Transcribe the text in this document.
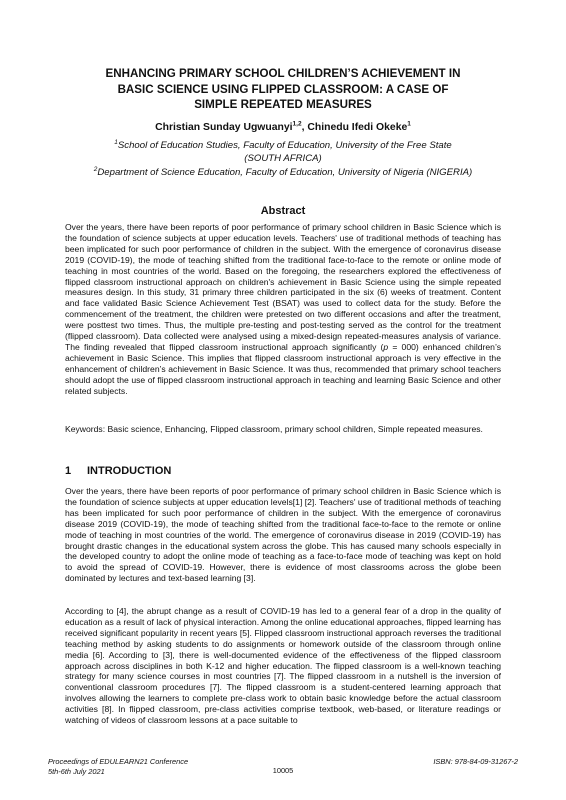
ENHANCING PRIMARY SCHOOL CHILDREN’S ACHIEVEMENT IN
BASIC SCIENCE USING FLIPPED CLASSROOM: A CASE OF
SIMPLE REPEATED MEASURES
Christian Sunday Ugwuanyi$^{1,2}$, Chinedu Ifedi Okeke$^1$
$^1$School of Education Studies, Faculty of Education, University of the Free State
(SOUTH AFRICA)
$^2$Department of Science Education, Faculty of Education, University of Nigeria (NIGERIA)
Abstract

Over the years, there have been reports of poor performance of primary school children in Basic Science which is the foundation of science subjects at upper education levels. Teachers' use of traditional methods of teaching has been implicated for such poor performance of children in the subject. With the emergence of coronavirus disease 2019 (COVID-19), the mode of teaching shifted from the traditional face-to-face to the remote or online mode of teaching in most countries of the world. Based on the foregoing, the researchers explored the effectiveness of flipped classroom instructional approach on children's achievement in Basic Science using the simple repeated measures design. In this study, 31 primary three children participated in the six (6) weeks of treatment. Content and face validated Basic Science Achievement Test (BSAT) was used to collect data for the study. Before the commencement of the treatment, the children were pretested on two different occasions and after the treatment, were posttest two times. Thus, the multiple pre-testing and post-testing served as the control for the treatment (flipped classroom). Data collected were analysed using a mixed-design repeated-measures analysis of variance. The finding revealed that flipped classroom instructional approach significantly (p = 000) enhanced children’s achievement in Basic Science. This implies that flipped classroom instructional approach is very effective in the enhancement of children’s achievement in Basic Science. It was thus, recommended that primary school teachers should adopt the use of flipped classroom instructional approach in teaching and learning Basic Science and other related subjects.

Keywords: Basic science, Enhancing, Flipped classroom, primary school children, Simple repeated measures.

1 INTRODUCTION

Over the years, there have been reports of poor performance of primary school children in Basic Science which is the foundation of science subjects at upper education levels[1] [2]. Teachers' use of traditional methods of teaching has been implicated for such poor performance of children in the subject. With the emergence of coronavirus disease 2019 (COVID-19), the mode of teaching shifted from the traditional face-to-face to the remote or online mode of teaching in most countries of the world. The emergence of coronavirus disease in 2019 (COVID-19) has brought drastic changes in the educational system across the globe. This has caused many schools especially in the developed country to adopt the online mode of teaching as a face-to-face mode of teaching was kept on hold to avoid the spread of COVID-19. However, there is evidence of most classrooms across the globe been dominated by lectures and text-based learning [3].

According to [4], the abrupt change as a result of COVID-19 has led to a general fear of a drop in the quality of education as a result of lack of physical interaction. Among the online educational approaches, flipped learning has received significant popularity in recent years [5]. Flipped classroom instructional approach reverses the traditional teaching method by asking students to do assignments or homework outside of the classroom through online media [6]. According to [3], there is well-documented evidence of the effectiveness of the flipped classroom approach across disciplines in both K-12 and higher education. The flipped classroom is a well-known teaching strategy for many science courses in most countries [7]. The flipped classroom in a nutshell is the inversion of conventional classroom procedures [7]. The flipped classroom is a student-centered learning approach that involves allowing the learners to complete pre-class work to obtain basic knowledge before the actual classroom activities [8]. In flipped classroom, pre-class activities comprise textbook, web-based, or literature readings or watching of videos of classroom lessons at a pace suitable to

Proceedings of EDULEARN21 Conference
5th-6th July 2021	10005
ISBN: 978-84-09-31267-2
